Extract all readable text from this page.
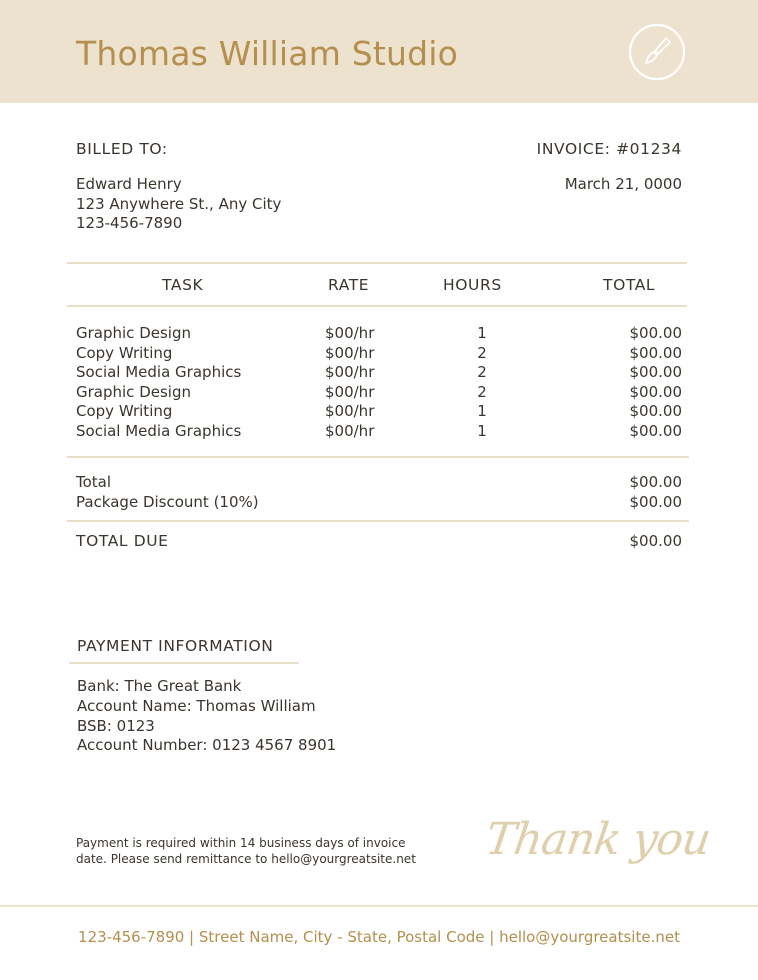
Thomas William Studio
BILLED TO:
Edward Henry
123 Anywhere St., Any City
123-456-7890
INVOICE: #01234
March 21, 0000
TASK	RATE	HOURS	TOTAL
Graphic Design	$00/hr	1	$00.00
Copy Writing	$00/hr	2	$00.00
Social Media Graphics	$00/hr	2	$00.00
Graphic Design	$00/hr	2	$00.00
Copy Writing	$00/hr	1	$00.00
Social Media Graphics	$00/hr	1	$00.00
Total	$00.00
Package Discount (10%)	$00.00
TOTAL DUE	$00.00
PAYMENT INFORMATION
Bank: The Great Bank
Account Name: Thomas William
BSB: 0123
Account Number: 0123 4567 8901
Payment is required within 14 business days of invoice
date. Please send remittance to hello@yourgreatsite.net Thank you
123-456-7890 | Street Name, City - State, Postal Code | hello@yourgreatsite.net
